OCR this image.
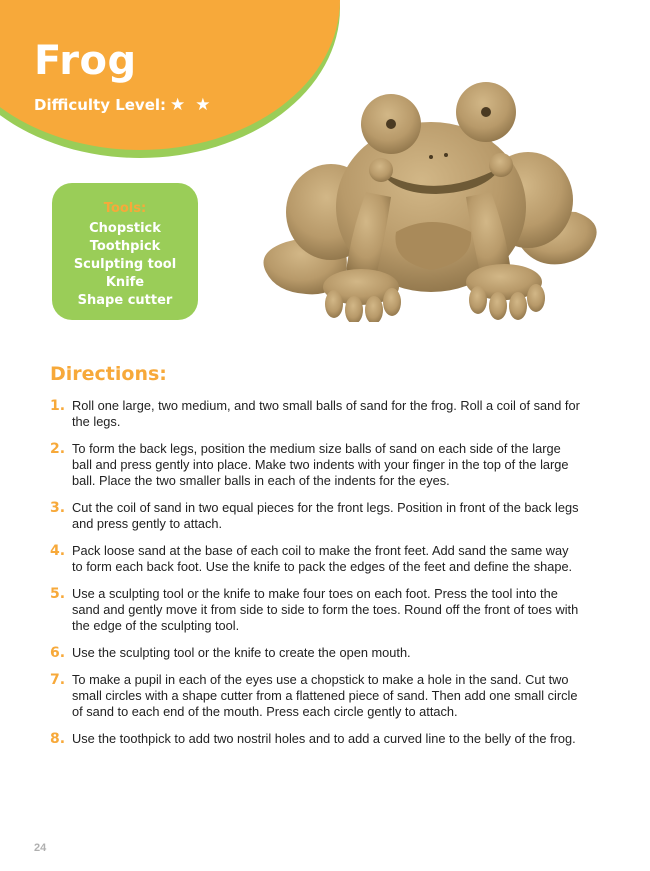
Frog
Difficulty Level: ★ ★
Tools:
Chopstick
Toothpick
Sculpting tool
Knife
Shape cutter
Directions:
1. Roll one large, two medium, and two small balls of sand for the frog. Roll a coil of sand for the legs.
2. To form the back legs, position the medium size balls of sand on each side of the large ball and press gently into place. Make two indents with your finger in the top of the large ball. Place the two smaller balls in each of the indents for the eyes.
3. Cut the coil of sand in two equal pieces for the front legs. Position in front of the back legs and press gently to attach.
4. Pack loose sand at the base of each coil to make the front feet. Add sand the same way to form each back foot. Use the knife to pack the edges of the feet and define the shape.
5. Use a sculpting tool or the knife to make four toes on each foot. Press the tool into the sand and gently move it from side to side to form the toes. Round off the front of toes with the edge of the sculpting tool.
6. Use the sculpting tool or the knife to create the open mouth.
7. To make a pupil in each of the eyes use a chopstick to make a hole in the sand. Cut two small circles with a shape cutter from a flattened piece of sand. Then add one small circle of sand to each end of the mouth. Press each circle gently to attach.
8. Use the toothpick to add two nostril holes and to add a curved line to the belly of the frog.
24
